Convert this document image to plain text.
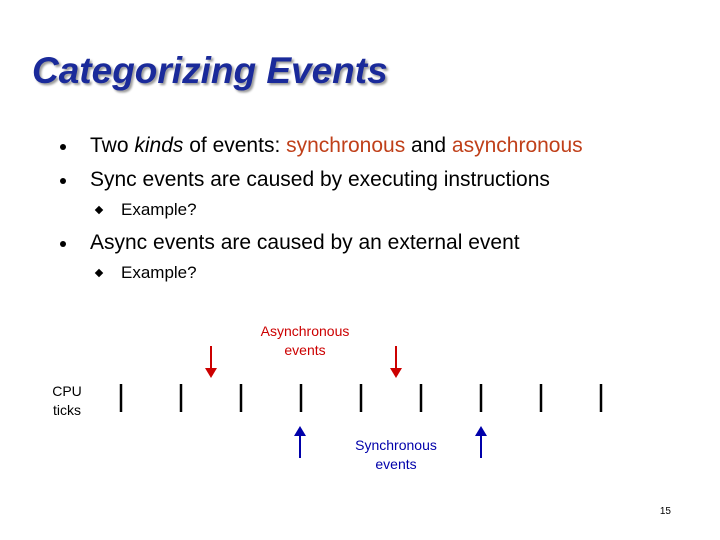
Categorizing Events
Two kinds of events: synchronous and asynchronous
Sync events are caused by executing instructions
Example?
Async events are caused by an external event
Example?
Asynchronous
events
CPU
ticks
Synchronous
events
15
